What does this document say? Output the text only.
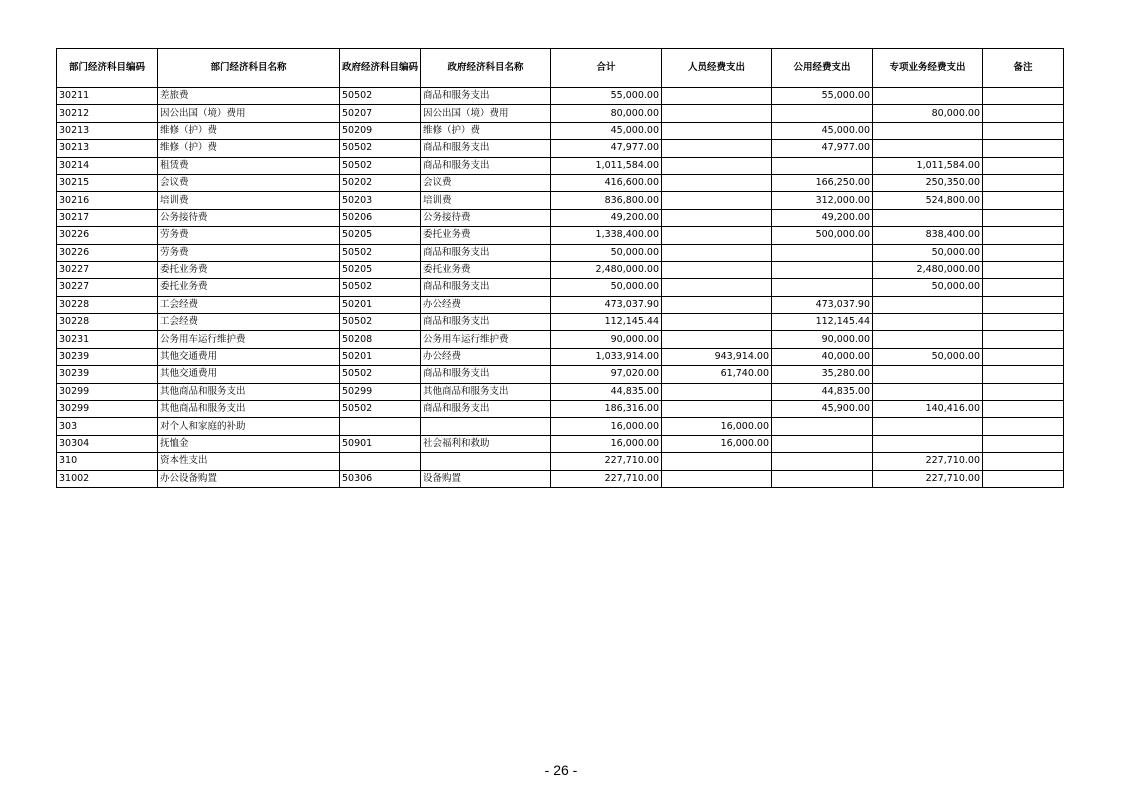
部门经济科目编码	部门经济科目名称	政府经济科目编码	政府经济科目名称	合计	人员经费支出	公用经费支出	专项业务经费支出	备注
30211	差旅费	50502	商品和服务支出	55,000.00		55,000.00		
30212	因公出国（境）费用	50207	因公出国（境）费用	80,000.00			80,000.00	
30213	维修（护）费	50209	维修（护）费	45,000.00		45,000.00		
30213	维修（护）费	50502	商品和服务支出	47,977.00		47,977.00		
30214	租赁费	50502	商品和服务支出	1,011,584.00			1,011,584.00	
30215	会议费	50202	会议费	416,600.00		166,250.00	250,350.00	
30216	培训费	50203	培训费	836,800.00		312,000.00	524,800.00	
30217	公务接待费	50206	公务接待费	49,200.00		49,200.00		
30226	劳务费	50205	委托业务费	1,338,400.00		500,000.00	838,400.00	
30226	劳务费	50502	商品和服务支出	50,000.00			50,000.00	
30227	委托业务费	50205	委托业务费	2,480,000.00			2,480,000.00	
30227	委托业务费	50502	商品和服务支出	50,000.00			50,000.00	
30228	工会经费	50201	办公经费	473,037.90		473,037.90		
30228	工会经费	50502	商品和服务支出	112,145.44		112,145.44		
30231	公务用车运行维护费	50208	公务用车运行维护费	90,000.00		90,000.00		
30239	其他交通费用	50201	办公经费	1,033,914.00	943,914.00	40,000.00	50,000.00	
30239	其他交通费用	50502	商品和服务支出	97,020.00	61,740.00	35,280.00		
30299	其他商品和服务支出	50299	其他商品和服务支出	44,835.00		44,835.00		
30299	其他商品和服务支出	50502	商品和服务支出	186,316.00		45,900.00	140,416.00	
303	对个人和家庭的补助			16,000.00	16,000.00			
30304	抚恤金	50901	社会福利和救助	16,000.00	16,000.00			
310	资本性支出			227,710.00			227,710.00	
31002	办公设备购置	50306	设备购置	227,710.00			227,710.00	
- 26 -
